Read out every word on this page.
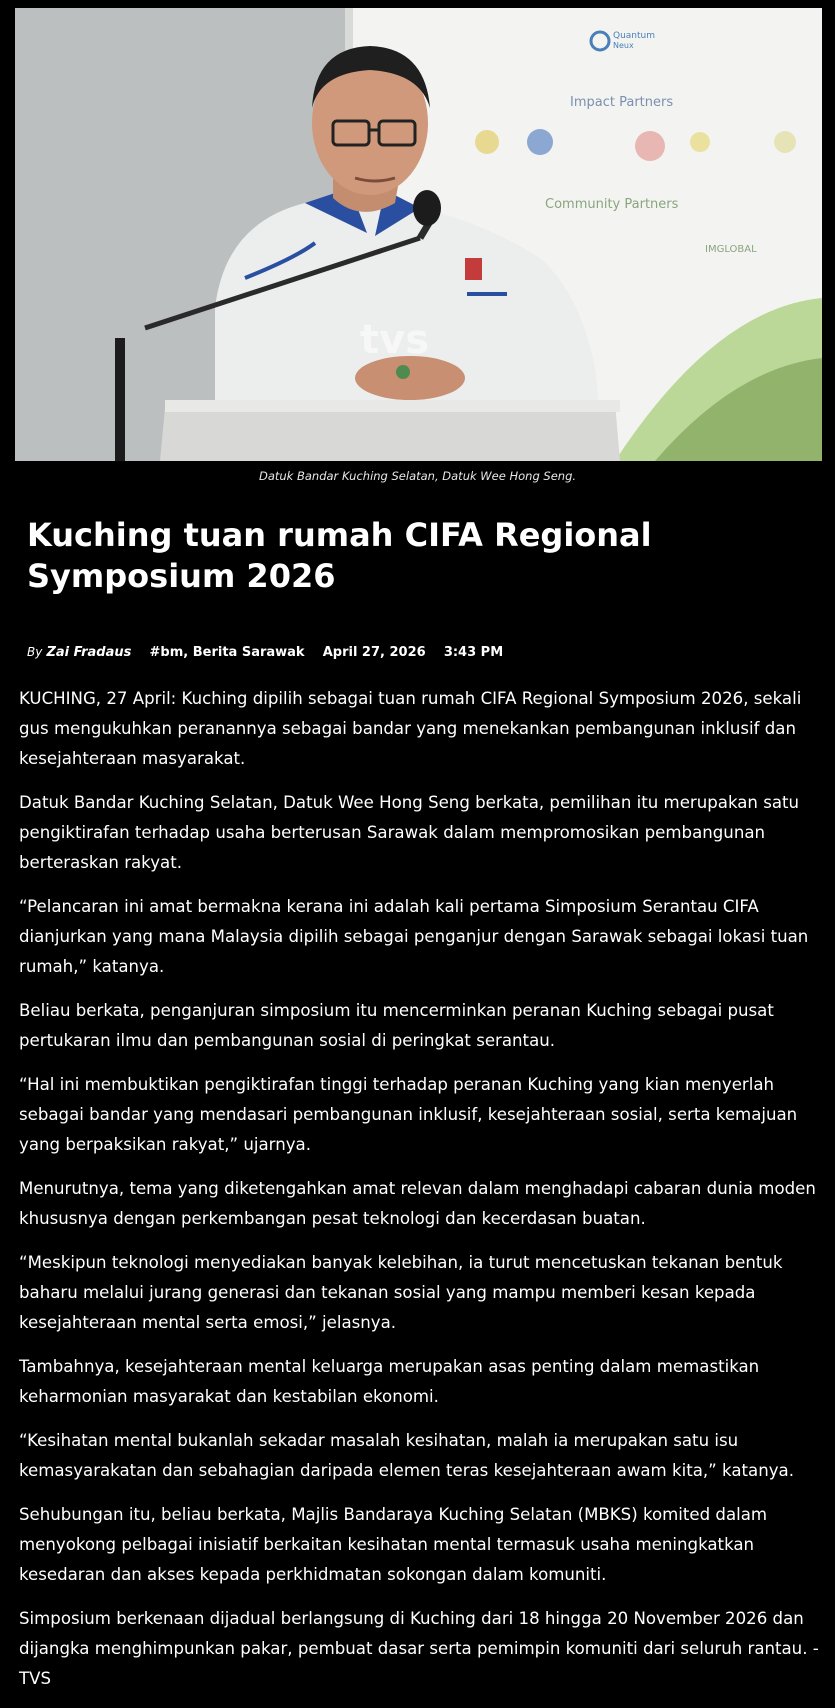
Quantum
Neux
Impact Partners
Community Partners
IMGLOBAL
tvs
Datuk Bandar Kuching Selatan, Datuk Wee Hong Seng.
Kuching tuan rumah CIFA Regional Symposium 2026
By Zai Fradaus #bm, Berita Sarawak April 27, 2026 3:43 PM

KUCHING, 27 April: Kuching dipilih sebagai tuan rumah CIFA Regional Symposium 2026, sekali gus mengukuhkan peranannya sebagai bandar yang menekankan pembangunan inklusif dan kesejahteraan masyarakat.

Datuk Bandar Kuching Selatan, Datuk Wee Hong Seng berkata, pemilihan itu merupakan satu pengiktirafan terhadap usaha berterusan Sarawak dalam mempromosikan pembangunan berteraskan rakyat.

“Pelancaran ini amat bermakna kerana ini adalah kali pertama Simposium Serantau CIFA dianjurkan yang mana Malaysia dipilih sebagai penganjur dengan Sarawak sebagai lokasi tuan rumah,” katanya.

Beliau berkata, penganjuran simposium itu mencerminkan peranan Kuching sebagai pusat pertukaran ilmu dan pembangunan sosial di peringkat serantau.

“Hal ini membuktikan pengiktirafan tinggi terhadap peranan Kuching yang kian menyerlah sebagai bandar yang mendasari pembangunan inklusif, kesejahteraan sosial, serta kemajuan yang berpaksikan rakyat,” ujarnya.

Menurutnya, tema yang diketengahkan amat relevan dalam menghadapi cabaran dunia moden khususnya dengan perkembangan pesat teknologi dan kecerdasan buatan.

“Meskipun teknologi menyediakan banyak kelebihan, ia turut mencetuskan tekanan bentuk baharu melalui jurang generasi dan tekanan sosial yang mampu memberi kesan kepada kesejahteraan mental serta emosi,” jelasnya.

Tambahnya, kesejahteraan mental keluarga merupakan asas penting dalam memastikan keharmonian masyarakat dan kestabilan ekonomi.

“Kesihatan mental bukanlah sekadar masalah kesihatan, malah ia merupakan satu isu kemasyarakatan dan sebahagian daripada elemen teras kesejahteraan awam kita,” katanya.

Sehubungan itu, beliau berkata, Majlis Bandaraya Kuching Selatan (MBKS) komited dalam menyokong pelbagai inisiatif berkaitan kesihatan mental termasuk usaha meningkatkan kesedaran dan akses kepada perkhidmatan sokongan dalam komuniti.

Simposium berkenaan dijadual berlangsung di Kuching dari 18 hingga 20 November 2026 dan dijangka menghimpunkan pakar, pembuat dasar serta pemimpin komuniti dari seluruh rantau. -TVS
